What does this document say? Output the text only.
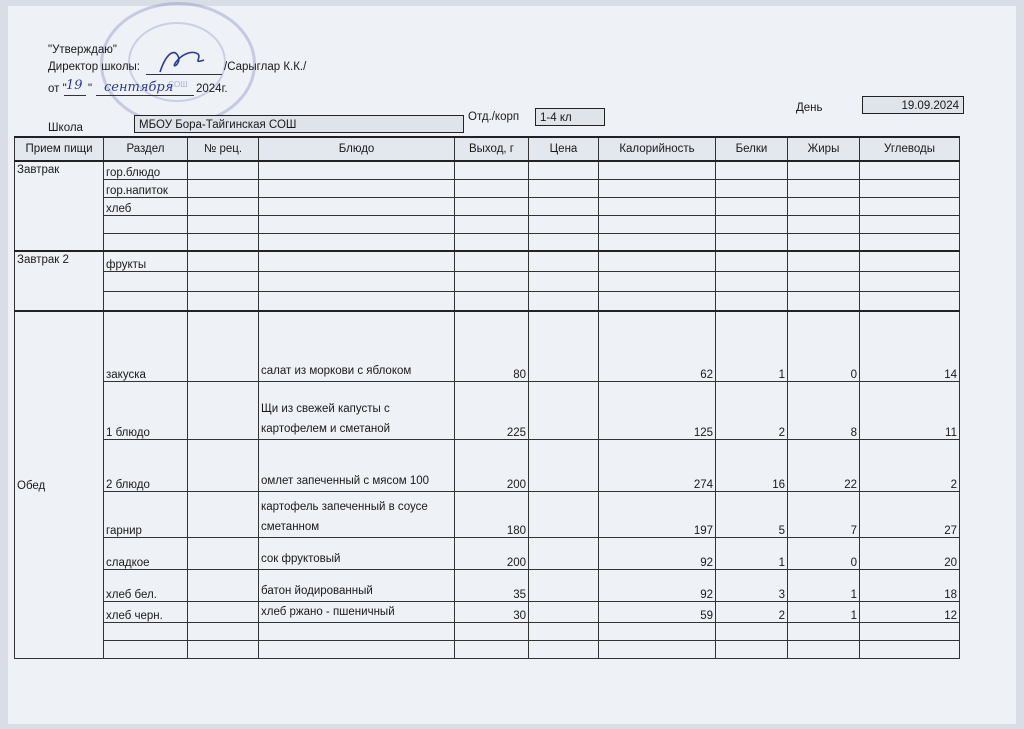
СОШ
"Утверждаю"
Директор школы:	/Сарыглар К.К./
от " 19 " сентября 2024г.
Школа	МБОУ Бора-Тайгинская СОШ
Отд./корп	1-4 кл
День	19.09.2024
Прием пищи	Раздел	№ рец.	Блюдо	Выход, г	Цена	Калорийность	Белки	Жиры	Углеводы
Завтрак	гор.блюдо								
	гор.напиток								
	хлеб								

Завтрак 2	фрукты								

Обед	закуска		салат из моркови с яблоком	80		62	1	0	14
	1 блюдо		Щи из свежей капусты с картофелем и сметаной	225		125	2	8	11
	2 блюдо		омлет запеченный с мясом 100	200		274	16	22	2
	гарнир		картофель запеченный в соусе сметанном	180		197	5	7	27
	сладкое		сок фруктовый	200		92	1	0	20
	хлеб бел.		батон йодированный	35		92	3	1	18
	хлеб черн.		хлеб ржано - пшеничный	30		59	2	1	12
